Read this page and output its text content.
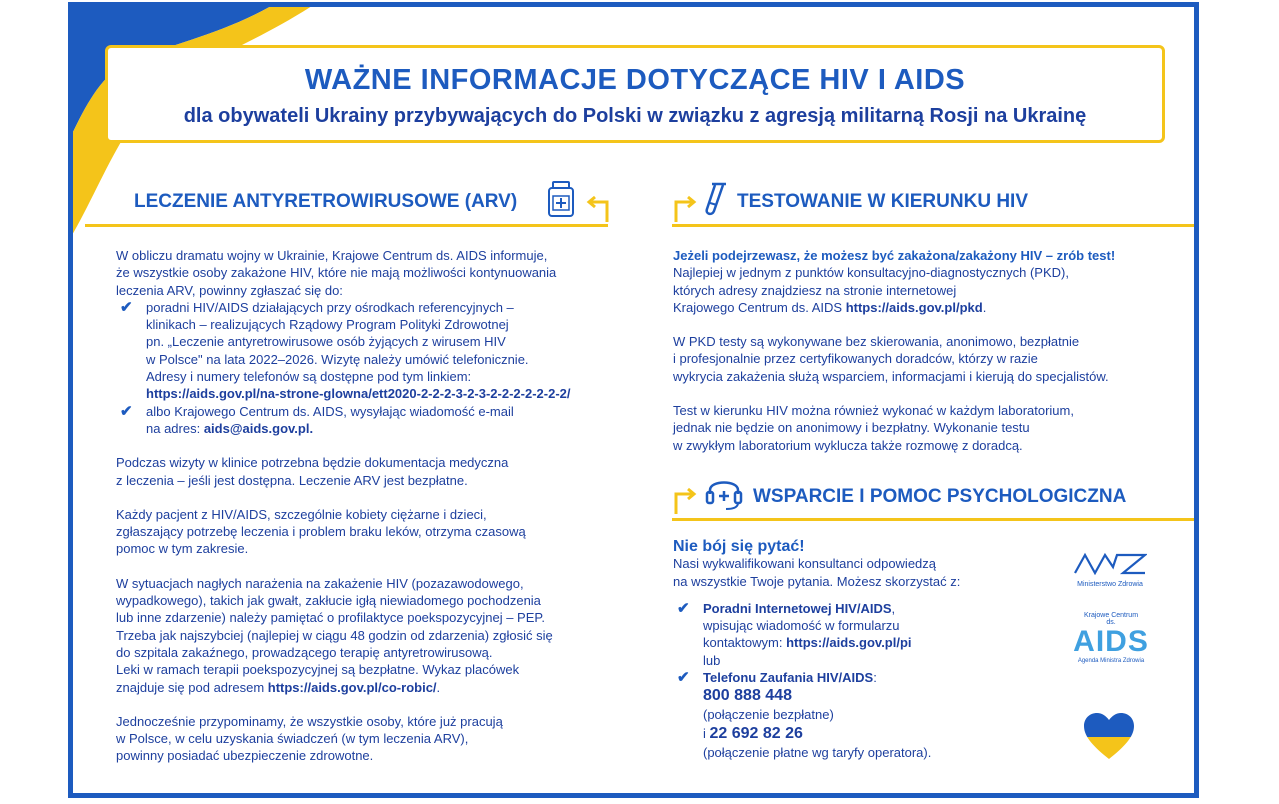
WAŻNE INFORMACJE DOTYCZĄCE HIV I AIDS
dla obywateli Ukrainy przybywających do Polski w związku z agresją militarną Rosji na Ukrainę
LECZENIE ANTYRETROWIRUSOWE (ARV)	TESTOWANIE W KIERUNKU HIV
WSPARCIE I POMOC PSYCHOLOGICZNA

W obliczu dramatu wojny w Ukrainie, Krajowe Centrum ds. AIDS informuje,

że wszystkie osoby zakażone HIV, które nie mają możliwości kontynuowania

leczenia ARV, powinny zgłaszać się do:

✔ poradni HIV/AIDS działających przy ośrodkach referencyjnych –

klinikach – realizujących Rządowy Program Polityki Zdrowotnej

pn. „Leczenie antyretrowirusowe osób żyjących z wirusem HIV

w Polsce" na lata 2022–2026. Wizytę należy umówić telefonicznie.

Adresy i numery telefonów są dostępne pod tym linkiem:

https://aids.gov.pl/na-strone-glowna/ett2020-2-2-2-3-2-3-2-2-2-2-2-2-2/

✔ albo Krajowego Centrum ds. AIDS, wysyłając wiadomość e-mail

na adres: aids@aids.gov.pl.

Podczas wizyty w klinice potrzebna będzie dokumentacja medyczna

z leczenia – jeśli jest dostępna. Leczenie ARV jest bezpłatne.

Każdy pacjent z HIV/AIDS, szczególnie kobiety ciężarne i dzieci,

zgłaszający potrzebę leczenia i problem braku leków, otrzyma czasową

pomoc w tym zakresie.

W sytuacjach nagłych narażenia na zakażenie HIV (pozazawodowego,

wypadkowego), takich jak gwałt, zakłucie igłą niewiadomego pochodzenia

lub inne zdarzenie) należy pamiętać o profilaktyce poekspozycyjnej – PEP.

Trzeba jak najszybciej (najlepiej w ciągu 48 godzin od zdarzenia) zgłosić się

do szpitala zakaźnego, prowadzącego terapię antyretrowirusową.

Leki w ramach terapii poekspozycyjnej są bezpłatne. Wykaz placówek

znajduje się pod adresem https://aids.gov.pl/co-robic/.

Jednocześnie przypominamy, że wszystkie osoby, które już pracują

w Polsce, w celu uzyskania świadczeń (w tym leczenia ARV),

powinny posiadać ubezpieczenie zdrowotne.

Jeżeli podejrzewasz, że możesz być zakażona/zakażony HIV – zrób test!

Najlepiej w jednym z punktów konsultacyjno-diagnostycznych (PKD),

których adresy znajdziesz na stronie internetowej

Krajowego Centrum ds. AIDS https://aids.gov.pl/pkd.

W PKD testy są wykonywane bez skierowania, anonimowo, bezpłatnie

i profesjonalnie przez certyfikowanych doradców, którzy w razie

wykrycia zakażenia służą wsparciem, informacjami i kierują do specjalistów.

Test w kierunku HIV można również wykonać w każdym laboratorium,

jednak nie będzie on anonimowy i bezpłatny. Wykonanie testu

w zwykłym laboratorium wyklucza także rozmowę z doradcą.

Nie bój się pytać!

Nasi wykwalifikowani konsultanci odpowiedzą

na wszystkie Twoje pytania. Możesz skorzystać z:

✔ Poradni Internetowej HIV/AIDS,

wpisując wiadomość w formularzu

kontaktowym: https://aids.gov.pl/pi

lub

✔ Telefonu Zaufania HIV/AIDS:

800 888 448

(połączenie bezpłatne)

i 22 692 82 26

(połączenie płatne wg taryfy operatora).

Ministerstwo Zdrowia
Krajowe Centrum
ds.
AIDS
Agenda Ministra Zdrowia
